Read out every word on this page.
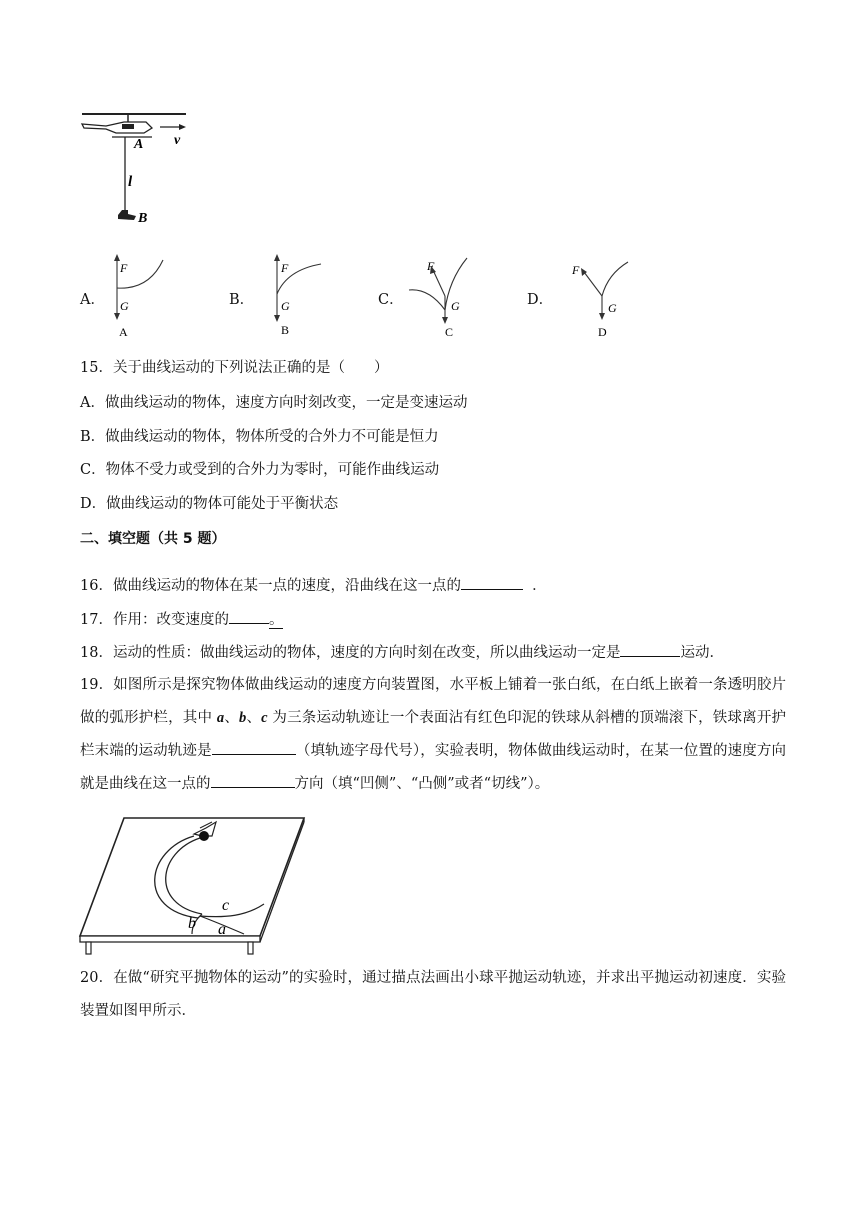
A v
l
B
A．
F
G
A
B．
F
G
B
C．
F
G
C
D．
F
G
D
15．关于曲线运动的下列说法正确的是（　　）
A．做曲线运动的物体，速度方向时刻改变，一定是变速运动
B．做曲线运动的物体，物体所受的合外力不可能是恒力
C．物体不受力或受到的合外力为零时，可能作曲线运动
D．做曲线运动的物体可能处于平衡状态
二、填空题（共 5 题）
16．做曲线运动的物体在某一点的速度，沿曲线在这一点的	．
17．作用：改变速度的	。
18．运动的性质：做曲线运动的物体，速度的方向时刻在改变，所以曲线运动一定是	运动．
19．如图所示是探究物体做曲线运动的速度方向装置图，水平板上铺着一张白纸，在白纸上嵌着一条透明胶片做的弧形护栏，其中 a、b、c 为三条运动轨迹让一个表面沾有红色印泥的铁球从斜槽的顶端滚下，铁球离开护栏末端的运动轨迹是	（填轨迹字母代号），实验表明，物体做曲线运动时，在某一位置的速度方向就是曲线在这一点的	方向（填“凹侧”、“凸侧”或者“切线”）。
c
b a
20．在做“研究平抛物体的运动”的实验时，通过描点法画出小球平抛运动轨迹，并求出平抛运动初速度．实验装置如图甲所示．
